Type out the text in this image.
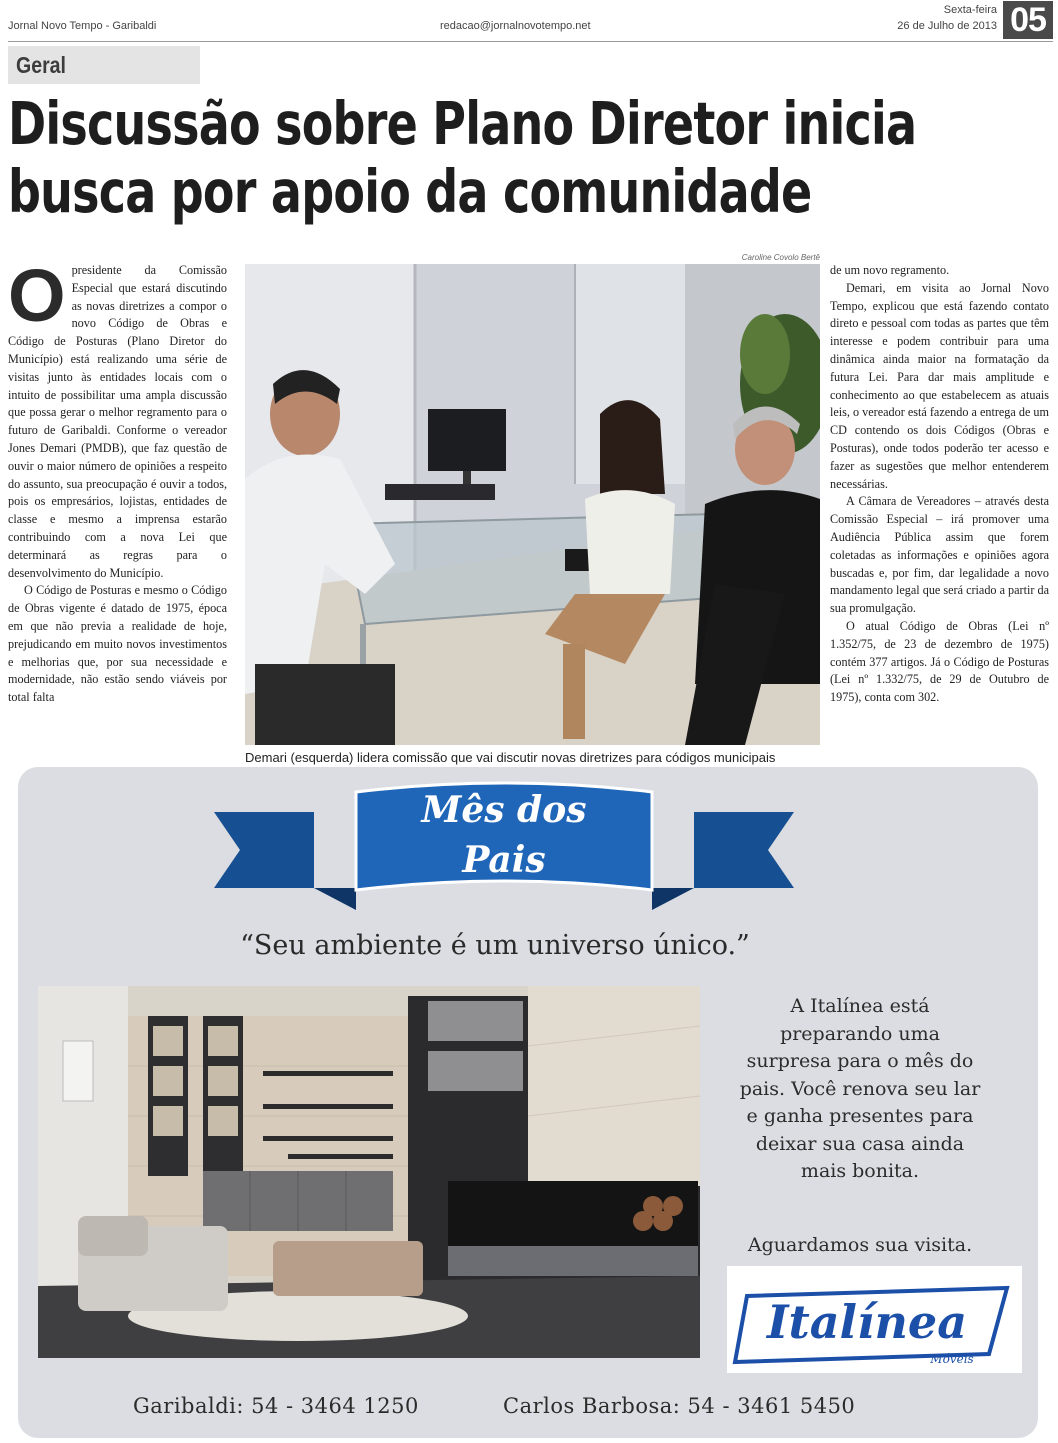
Jornal Novo Tempo - Garibaldi	redacao@jornalnovotempo.net
Sexta-feira
26 de Julho de 2013 05
Geral
Discussão sobre Plano Diretor inicia
busca por apoio da comunidade

Opresidente da Comissão Especial que estará discutindo as novas diretrizes a compor o novo Código de Obras e Código de Posturas (Plano Diretor do Município) está realizando uma série de visitas junto às entidades locais com o intuito de possibilitar uma ampla discussão que possa gerar o melhor regramento para o futuro de Garibaldi. Conforme o vereador Jones Demari (PMDB), que faz questão de ouvir o maior número de opiniões a respeito do assunto, sua preocupação é ouvir a todos, pois os empresários, lojistas, entidades de classe e mesmo a imprensa estarão contribuindo com a nova Lei que determinará as regras para o desenvolvimento do Município.

O Código de Posturas e mesmo o Código de Obras vigente é datado de 1975, época em que não previa a realidade de hoje, prejudicando em muito novos investimentos e melhorias que, por sua necessidade e modernidade, não estão sendo viáveis por total falta

Caroline Covolo Bertê
Demari (esquerda) lidera comissão que vai discutir novas diretrizes para códigos municipais

de um novo regramento.

Demari, em visita ao Jornal Novo Tempo, explicou que está fazendo contato direto e pessoal com todas as partes que têm interesse e podem contribuir para uma dinâmica ainda maior na formatação da futura Lei. Para dar mais amplitude e conhecimento ao que estabelecem as atuais leis, o vereador está fazendo a entrega de um CD contendo os dois Códigos (Obras e Posturas), onde todos poderão ter acesso e fazer as sugestões que melhor entenderem necessárias.

A Câmara de Vereadores – através desta Comissão Especial – irá promover uma Audiência Pública assim que forem coletadas as informações e opiniões agora buscadas e, por fim, dar legalidade a novo mandamento legal que será criado a partir da sua promulgação.

O atual Código de Obras (Lei nº 1.352/75, de 23 de dezembro de 1975) contém 377 artigos. Já o Código de Posturas (Lei nº 1.332/75, de 29 de Outubro de 1975), conta com 302.

Mês dos
Pais
“Seu ambiente é um universo único.”
A Italínea está preparando uma surpresa para o mês do pais. Você renova seu lar e ganha presentes para deixar sua casa ainda mais bonita.
Aguardamos sua visita.
Italínea
Móveis
Garibaldi: 54 - 3464 1250	Carlos Barbosa: 54 - 3461 5450
